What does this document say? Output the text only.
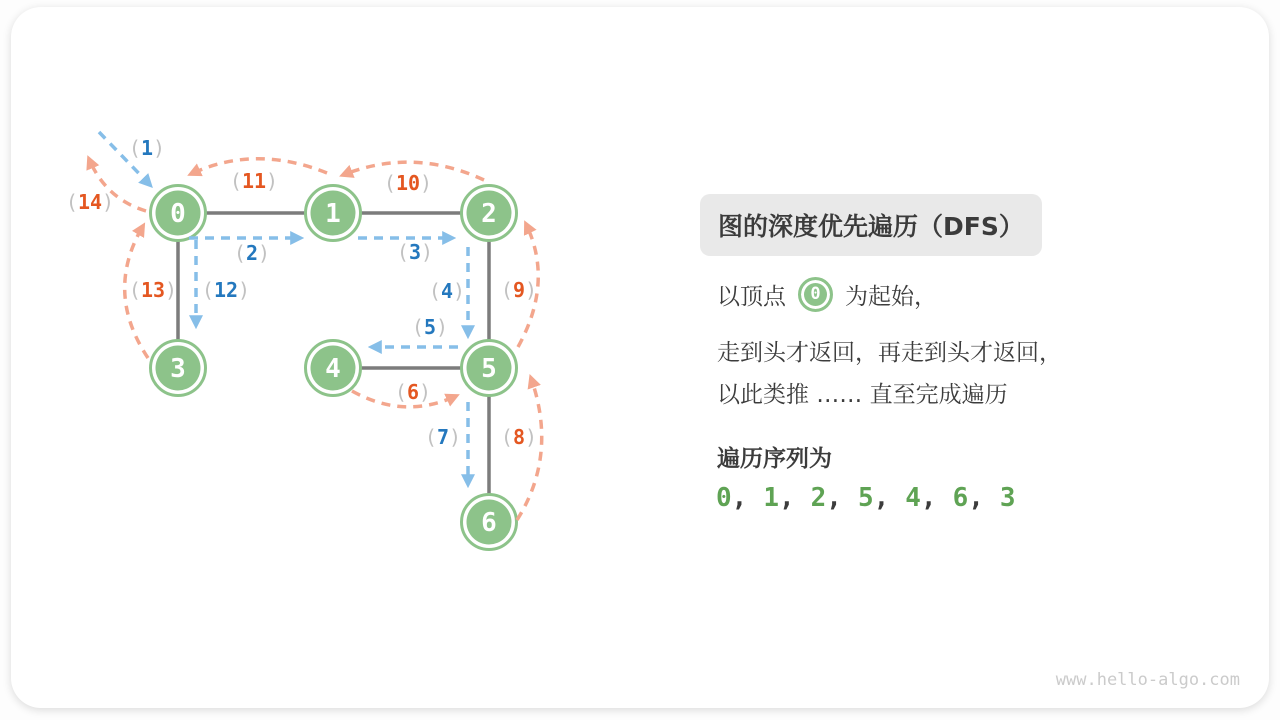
0	1	2
3	4	5
6
(1)
(2)	(3)
(4)
(5)
(6)
(7) (8)
(9)
(10)
(11)
(12)
(13)
(14)
图的深度优先遍历（DFS）
以顶点 0 为起始，
走到头才返回，再走到头才返回，
以此类推 …… 直至完成遍历
遍历序列为
0, 1, 2, 5, 4, 6, 3
www.hello-algo.com
